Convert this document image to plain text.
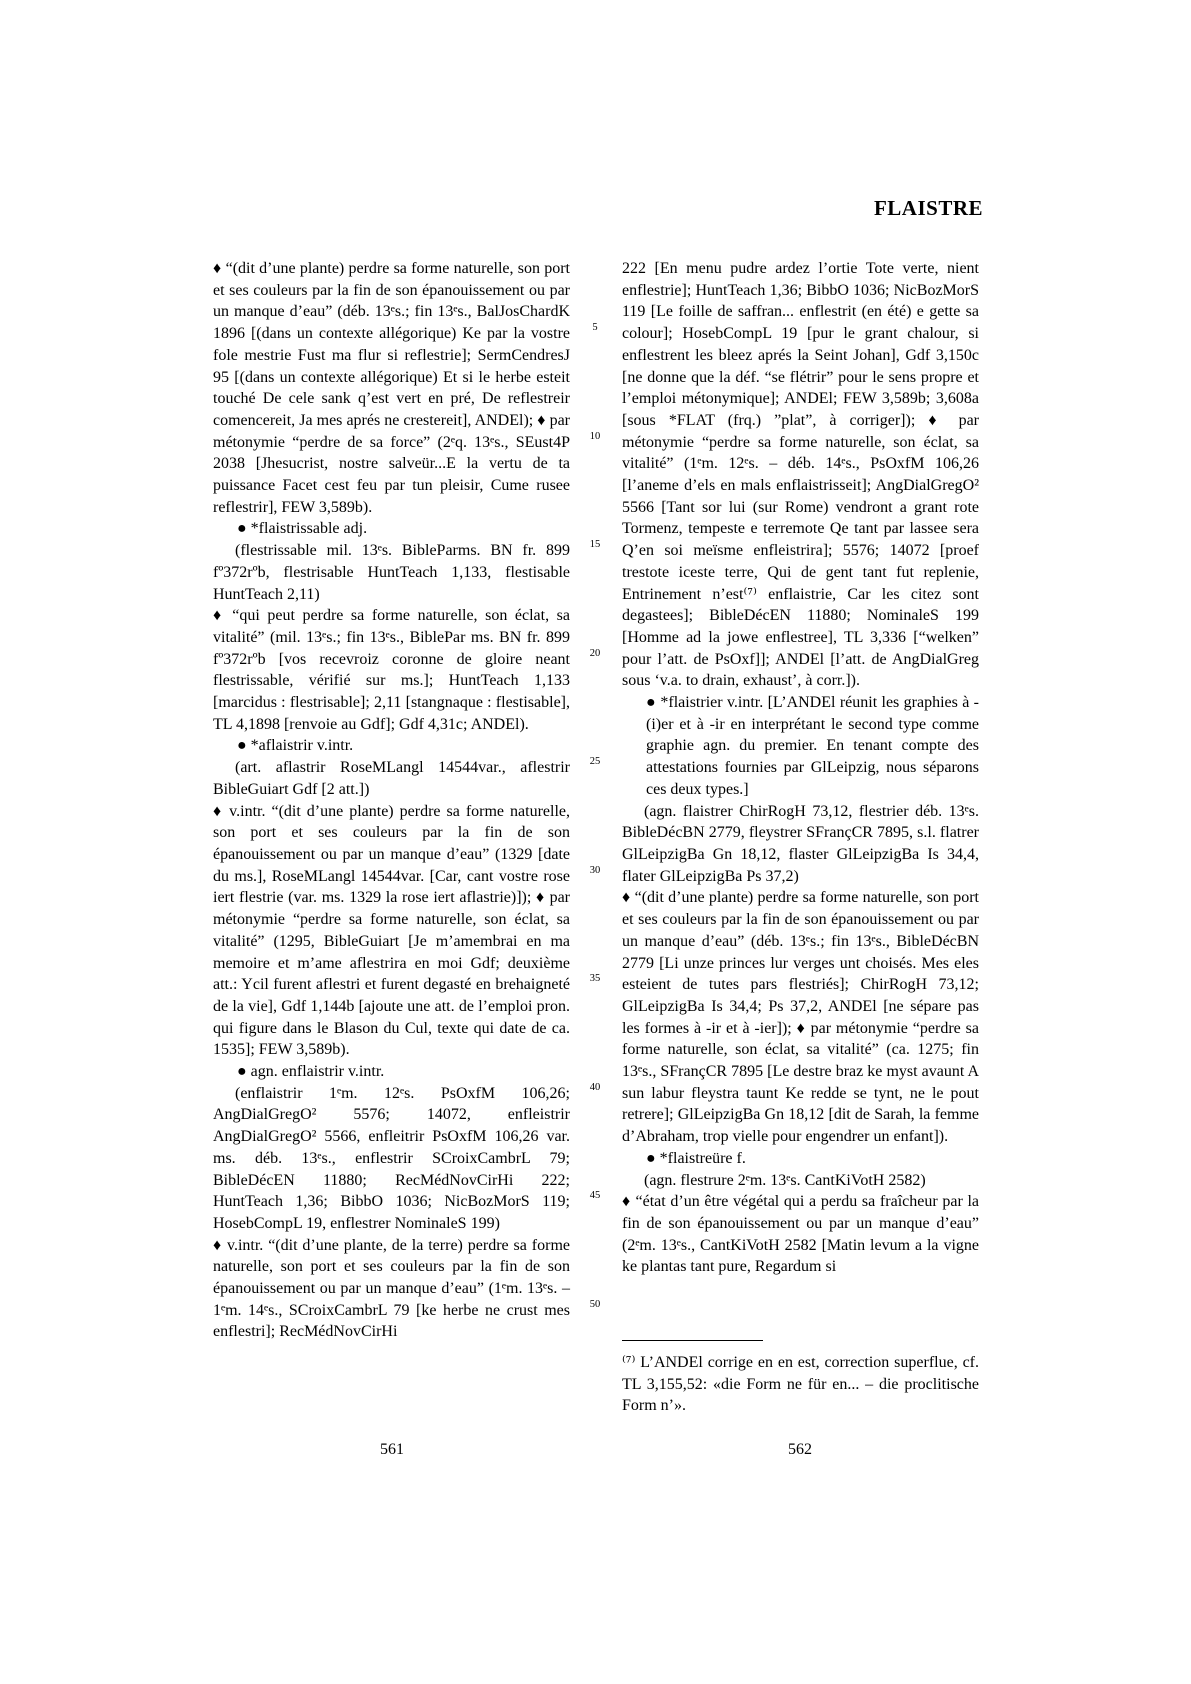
FLAISTRE

♦ “(dit d’une plante) perdre sa forme naturelle, son port et ses couleurs par la fin de son épanouissement ou par un manque d’eau” (déb. 13ᵉs.; fin 13ᵉs., BalJosChardK 1896 [(dans un contexte allégorique) Ke par la vostre fole mestrie Fust ma flur si reflestrie]; SermCendresJ 95 [(dans un contexte allégorique) Et si le herbe esteit touché De cele sank q’est vert en pré, De reflestreir comencereit, Ja mes aprés ne crestereit], ANDEl); ♦ par métonymie “perdre de sa force” (2ᵉq. 13ᵉs., SEust4P 2038 [Jhesucrist, nostre salveür...E la vertu de ta puissance Facet cest feu par tun pleisir, Cume rusee reflestrir], FEW 3,589b).

● *flaistrissable adj.

(flestrissable mil. 13ᵉs. BibleParms. BN fr. 899 fº372rºb, flestrisable HuntTeach 1,133, flestisable HuntTeach 2,11)

♦ “qui peut perdre sa forme naturelle, son éclat, sa vitalité” (mil. 13ᵉs.; fin 13ᵉs., BiblePar ms. BN fr. 899 fº372rºb [vos recevroiz coronne de gloire neant flestrissable, vérifié sur ms.]; HuntTeach 1,133 [marcidus : flestrisable]; 2,11 [stangnaque : flestisable], TL 4,1898 [renvoie au Gdf]; Gdf 4,31c; ANDEl).

● *aflaistrir v.intr.

(art. aflastrir RoseMLangl 14544var., aflestrir BibleGuiart Gdf [2 att.])

♦ v.intr. “(dit d’une plante) perdre sa forme naturelle, son port et ses couleurs par la fin de son épanouissement ou par un manque d’eau” (1329 [date du ms.], RoseMLangl 14544var. [Car, cant vostre rose iert flestrie (var. ms. 1329 la rose iert aflastrie)]); ♦ par métonymie “perdre sa forme naturelle, son éclat, sa vitalité” (1295, BibleGuiart [Je m’amembrai en ma memoire et m’ame aflestrira en moi Gdf; deuxième att.: Ycil furent aflestri et furent degasté en brehaigneté de la vie], Gdf 1,144b [ajoute une att. de l’emploi pron. qui figure dans le Blason du Cul, texte qui date de ca. 1535]; FEW 3,589b).

● agn. enflaistrir v.intr.

(enflaistrir 1ᵉm. 12ᵉs. PsOxfM 106,26; AngDialGregO² 5576; 14072, enfleistrir AngDialGregO² 5566, enfleitrir PsOxfM 106,26 var. ms. déb. 13ᵉs., enflestrir SCroixCambrL 79; BibleDécEN 11880; RecMédNovCirHi 222; HuntTeach 1,36; BibbO 1036; NicBozMorS 119; HosebCompL 19, enflestrer NominaleS 199)

♦ v.intr. “(dit d’une plante, de la terre) perdre sa forme naturelle, son port et ses couleurs par la fin de son épanouissement ou par un manque d’eau” (1ᵉm. 13ᵉs. – 1ᵉm. 14ᵉs., SCroixCambrL 79 [ke herbe ne crust mes enflestri]; RecMédNovCirHi

5
10
15
20
25
30
35
40
45
50

222 [En menu pudre ardez l’ortie Tote verte, nient enflestrie]; HuntTeach 1,36; BibbO 1036; NicBozMorS 119 [Le foille de saffran... enflestrit (en été) e gette sa colour]; HosebCompL 19 [pur le grant chalour, si enflestrent les bleez aprés la Seint Johan], Gdf 3,150c [ne donne que la déf. “se flétrir” pour le sens propre et l’emploi métonymique]; ANDEl; FEW 3,589b; 3,608a [sous *FLAT (frq.) ”plat”, à corriger]); ♦ par métonymie “perdre sa forme naturelle, son éclat, sa vitalité” (1ᵉm. 12ᵉs. – déb. 14ᵉs., PsOxfM 106,26 [l’aneme d’els en mals enflaistrisseit]; AngDialGregO² 5566 [Tant sor lui (sur Rome) vendront a grant rote Tormenz, tempeste e terremote Qe tant par lassee sera Q’en soi meïsme enfleistrira]; 5576; 14072 [proef trestote iceste terre, Qui de gent tant fut replenie, Entrinement n’est⁽⁷⁾ enflaistrie, Car les citez sont degastees]; BibleDécEN 11880; NominaleS 199 [Homme ad la jowe enflestree], TL 3,336 [“welken” pour l’att. de PsOxf]]; ANDEl [l’att. de AngDialGreg sous ‘v.a. to drain, exhaust’, à corr.]).

● *flaistrier v.intr. [L’ANDEl réunit les graphies à -(i)er et à -ir en interprétant le second type comme graphie agn. du premier. En tenant compte des attestations fournies par GlLeipzig, nous séparons ces deux types.]

(agn. flaistrer ChirRogH 73,12, flestrier déb. 13ᵉs. BibleDécBN 2779, fleystrer SFrançCR 7895, s.l. flatrer GlLeipzigBa Gn 18,12, flaster GlLeipzigBa Is 34,4, flater GlLeipzigBa Ps 37,2)

♦ “(dit d’une plante) perdre sa forme naturelle, son port et ses couleurs par la fin de son épanouissement ou par un manque d’eau” (déb. 13ᵉs.; fin 13ᵉs., BibleDécBN 2779 [Li unze princes lur verges unt choisés. Mes eles esteient de tutes pars flestriés]; ChirRogH 73,12; GlLeipzigBa Is 34,4; Ps 37,2, ANDEl [ne sépare pas les formes à -ir et à -ier]); ♦ par métonymie “perdre sa forme naturelle, son éclat, sa vitalité” (ca. 1275; fin 13ᵉs., SFrançCR 7895 [Le destre braz ke myst avaunt A sun labur fleystra taunt Ke redde se tynt, ne le pout retrere]; GlLeipzigBa Gn 18,12 [dit de Sarah, la femme d’Abraham, trop vielle pour engendrer un enfant]).

● *flaistreüre f.

(agn. flestrure 2ᵉm. 13ᵉs. CantKiVotH 2582)

♦ “état d’un être végétal qui a perdu sa fraîcheur par la fin de son épanouissement ou par un manque d’eau” (2ᵉm. 13ᵉs., CantKiVotH 2582 [Matin levum a la vigne ke plantas tant pure, Regardum si

⁽⁷⁾ L’ANDEl corrige en en est, correction superflue, cf. TL 3,155,52: «die Form ne für en... – die proclitische Form n’».
561	562
